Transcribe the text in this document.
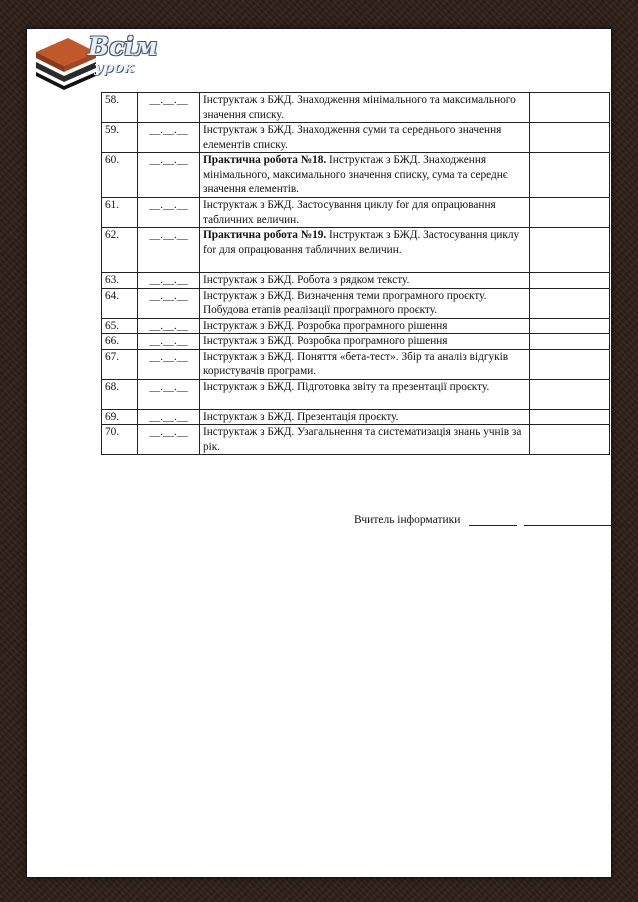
Всім
урок
58.	__.__.__	Інструктаж з БЖД. Знаходження мінімального та максимального значення списку.	
59.	__.__.__	Інструктаж з БЖД. Знаходження суми та середнього значення елементів списку.	
60.	__.__.__	Практична робота №18. Інструктаж з БЖД. Знаходження мінімального, максимального значення списку, сума та середнє значення елементів.	
61.	__.__.__	Інструктаж з БЖД. Застосування циклу for для опрацювання табличних величин.	
62.	__.__.__	Практична робота №19. Інструктаж з БЖД. Застосування циклу for для опрацювання табличних величин.	
63.	__.__.__	Інструктаж з БЖД. Робота з рядком тексту.	
64.	__.__.__	Інструктаж з БЖД. Визначення теми програмного проєкту. Побудова етапів реалізації програмного проєкту.	
65.	__.__.__	Інструктаж з БЖД. Розробка програмного рішення	
66.	__.__.__	Інструктаж з БЖД. Розробка програмного рішення	
67.	__.__.__	Інструктаж з БЖД. Поняття «бета-тест». Збір та аналіз відгуків користувачів програми.	
68.	__.__.__	Інструктаж з БЖД. Підготовка звіту та презентації проєкту.	
69.	__.__.__	Інструктаж з БЖД. Презентація проєкту.	
70.	__.__.__	Інструктаж з БЖД. Узагальнення та систематизація знань учнів за рік.	
Вчитель інформатики
